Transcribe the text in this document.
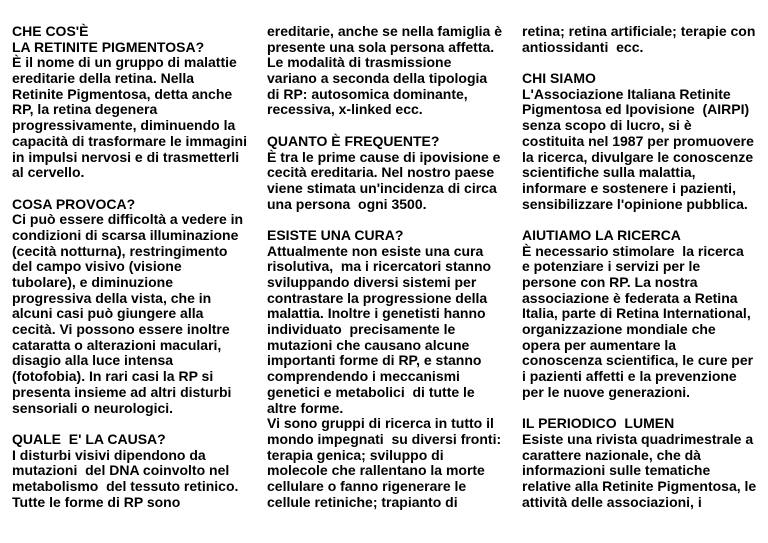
CHE COS'È
LA RETINITE PIGMENTOSA?
È il nome di un gruppo di malattie
ereditarie della retina. Nella
Retinite Pigmentosa, detta anche
RP, la retina degenera
progressivamente, diminuendo la
capacità di trasformare le immagini
in impulsi nervosi e di trasmetterli
al cervello.
COSA PROVOCA?
Ci può essere difficoltà a vedere in
condizioni di scarsa illuminazione
(cecità notturna), restringimento
del campo visivo (visione
tubolare), e diminuzione
progressiva della vista, che in
alcuni casi può giungere alla
cecità. Vi possono essere inoltre
cataratta o alterazioni maculari,
disagio alla luce intensa
(fotofobia). In rari casi la RP si
presenta insieme ad altri disturbi
sensoriali o neurologici.
QUALE  E' LA CAUSA?
I disturbi visivi dipendono da
mutazioni  del DNA coinvolto nel
metabolismo  del tessuto retinico.
Tutte le forme di RP sono
ereditarie, anche se nella famiglia è
presente una sola persona affetta.
Le modalità di trasmissione
variano a seconda della tipologia
di RP: autosomica dominante,
recessiva, x-linked ecc.
QUANTO È FREQUENTE?
È tra le prime cause di ipovisione e
cecità ereditaria. Nel nostro paese
viene stimata un'incidenza di circa
una persona  ogni 3500.
ESISTE UNA CURA?
Attualmente non esiste una cura
risolutiva,  ma i ricercatori stanno
sviluppando diversi sistemi per
contrastare la progressione della
malattia. Inoltre i genetisti hanno
individuato  precisamente le
mutazioni che causano alcune
importanti forme di RP, e stanno
comprendendo i meccanismi
genetici e metabolici  di tutte le
altre forme.
Vi sono gruppi di ricerca in tutto il
mondo impegnati  su diversi fronti:
terapia genica; sviluppo di
molecole che rallentano la morte
cellulare o fanno rigenerare le
cellule retiniche; trapianto di
retina; retina artificiale; terapie con
antiossidanti  ecc.
CHI SIAMO
L'Associazione Italiana Retinite
Pigmentosa ed Ipovisione  (AIRPI)
senza scopo di lucro, si è
costituita nel 1987 per promuovere
la ricerca, divulgare le conoscenze
scientifiche sulla malattia,
informare e sostenere i pazienti,
sensibilizzare l'opinione pubblica.
AIUTIAMO LA RICERCA
È necessario stimolare  la ricerca
e potenziare i servizi per le
persone con RP. La nostra
associazione è federata a Retina
Italia, parte di Retina International,
organizzazione mondiale che
opera per aumentare la
conoscenza scientifica, le cure per
i pazienti affetti e la prevenzione
per le nuove generazioni.
IL PERIODICO  LUMEN
Esiste una rivista quadrimestrale a
carattere nazionale, che dà
informazioni sulle tematiche
relative alla Retinite Pigmentosa, le
attività delle associazioni, i
